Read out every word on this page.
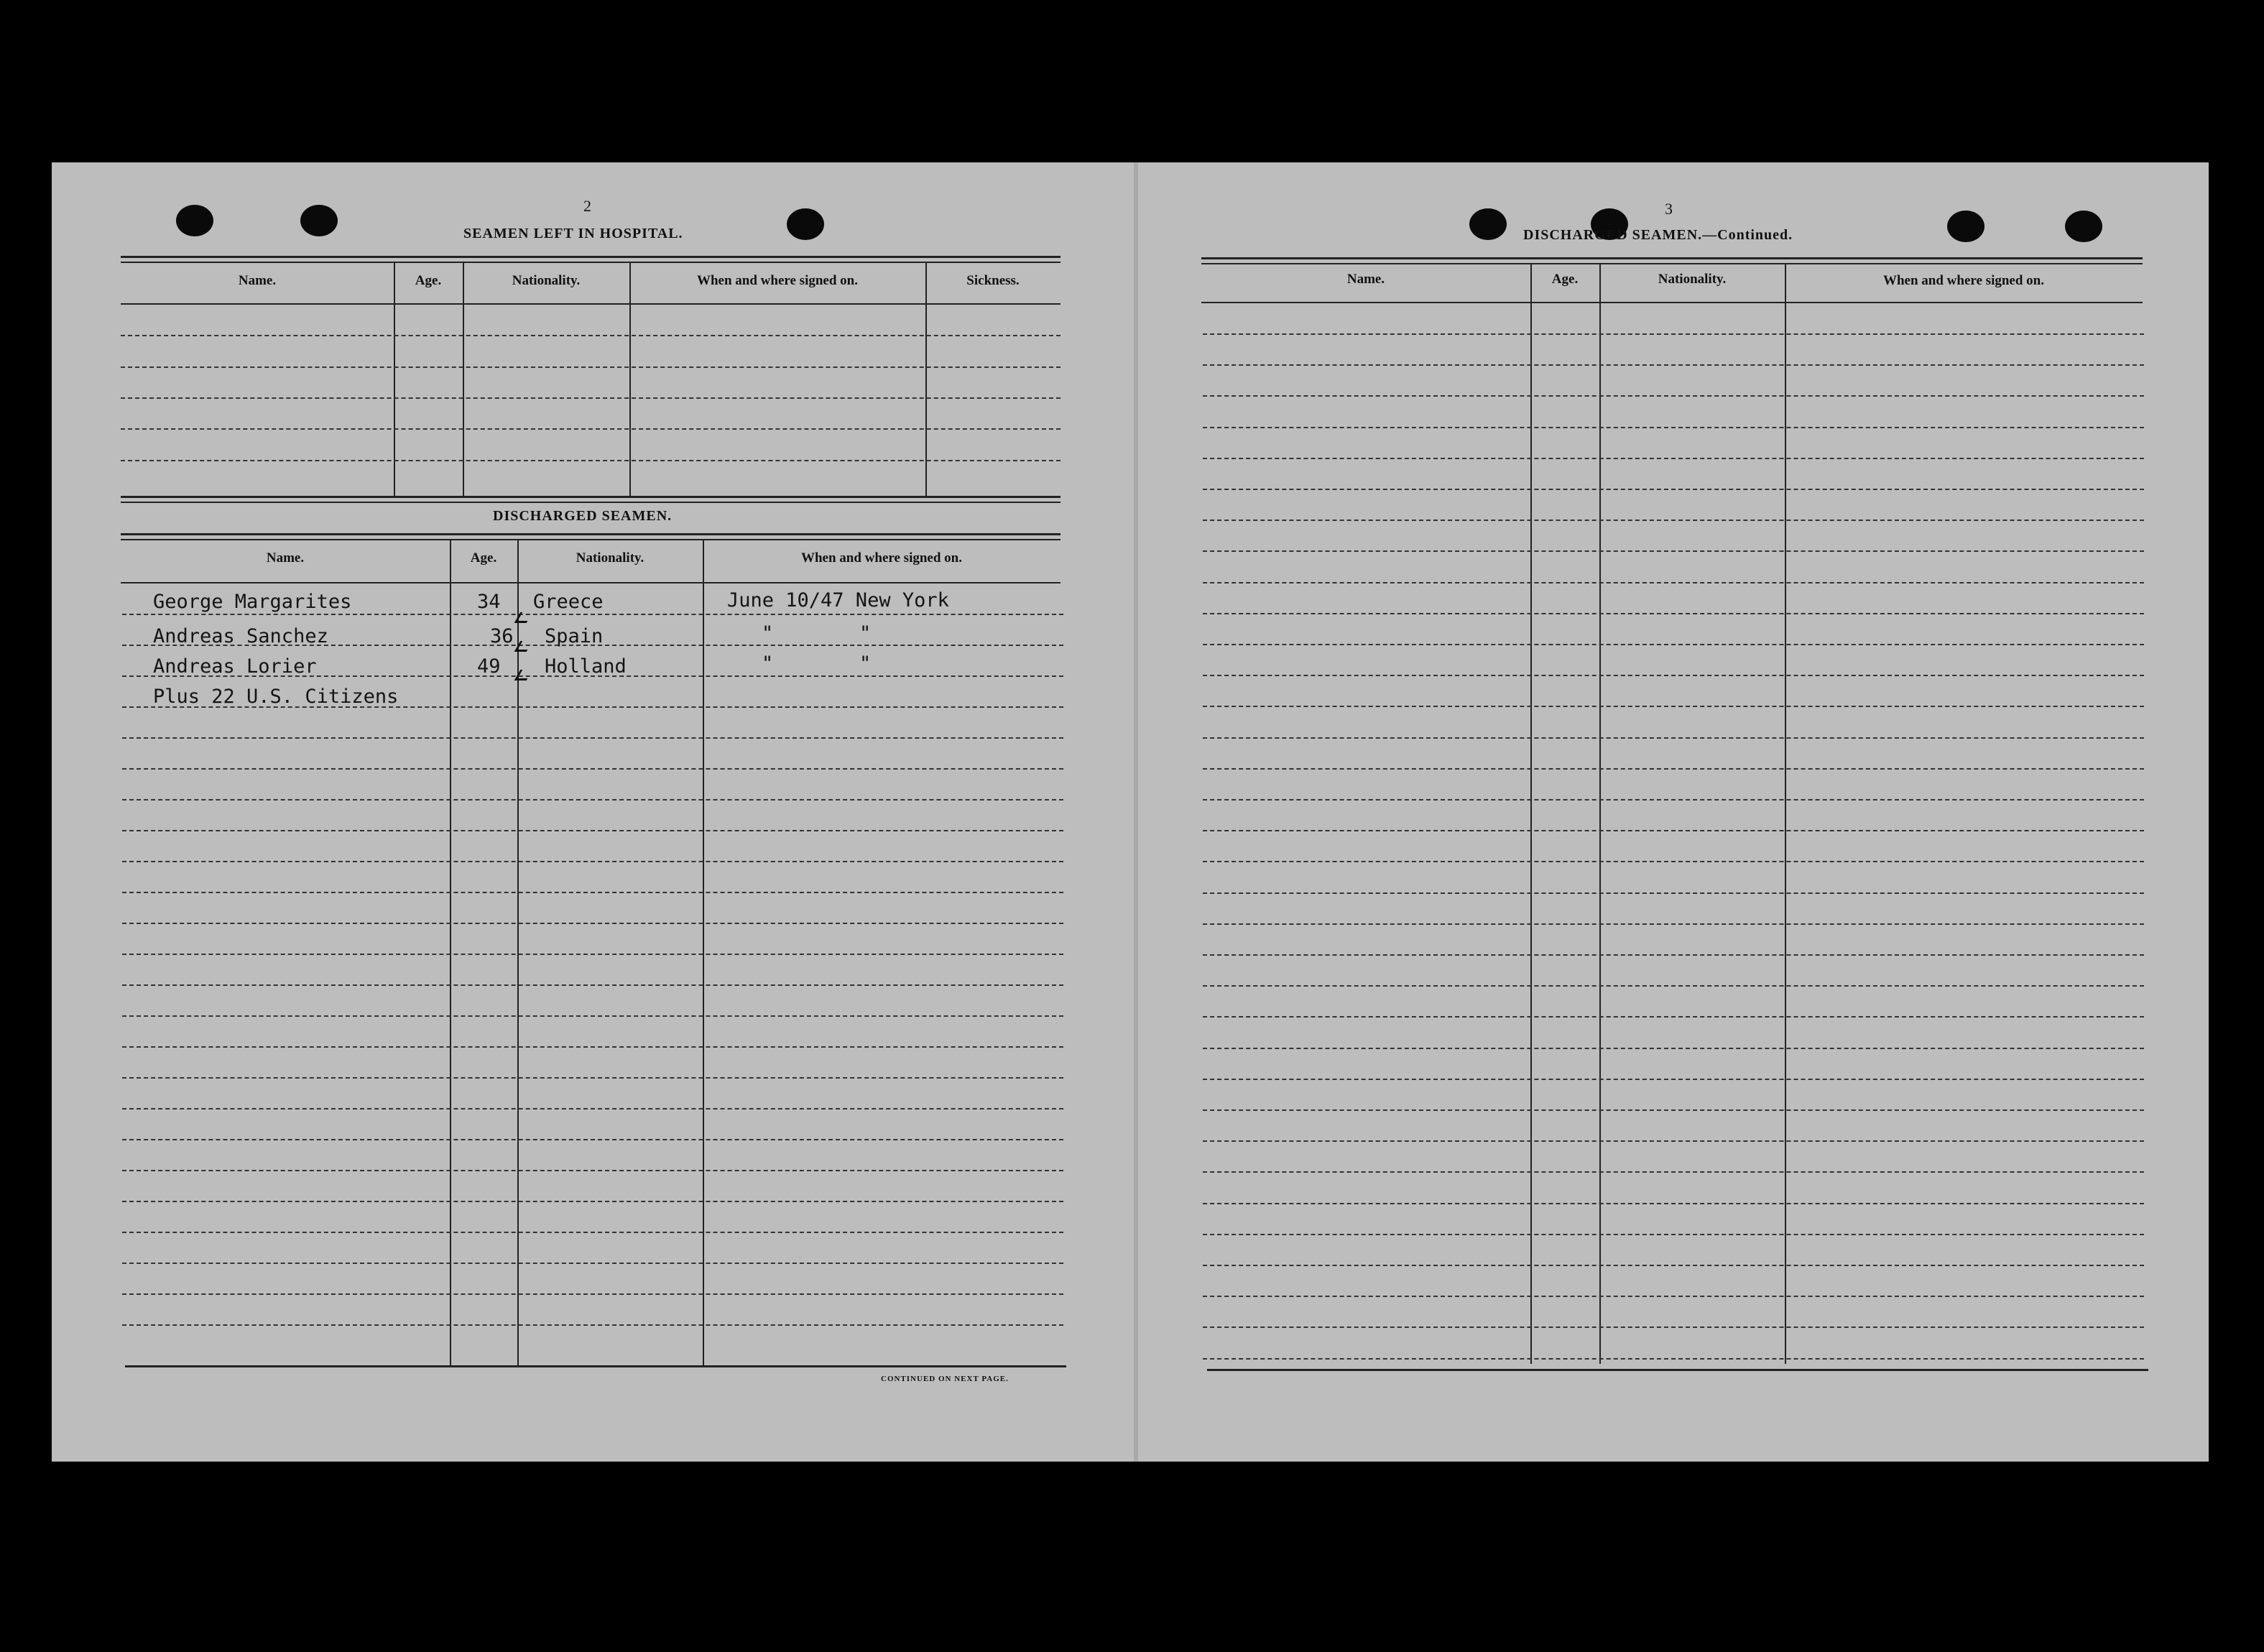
2
SEAMEN LEFT IN HOSPITAL.
Name.	Age.	Nationality.	When and where signed on.	Sickness.
DISCHARGED SEAMEN.
Name.	Age.	Nationality.	When and where signed on.
George Margarites	34 Greece	June 10/47 New York
Andreas Sanchez	36 Spain	"	"
Andreas Lorier	49 Holland	"	"
Plus 22 U.S. Citizens
CONTINUED ON NEXT PAGE.
3
DISCHARGED SEAMEN.—Continued.
Name.	Age.	Nationality.	When and where signed on.
